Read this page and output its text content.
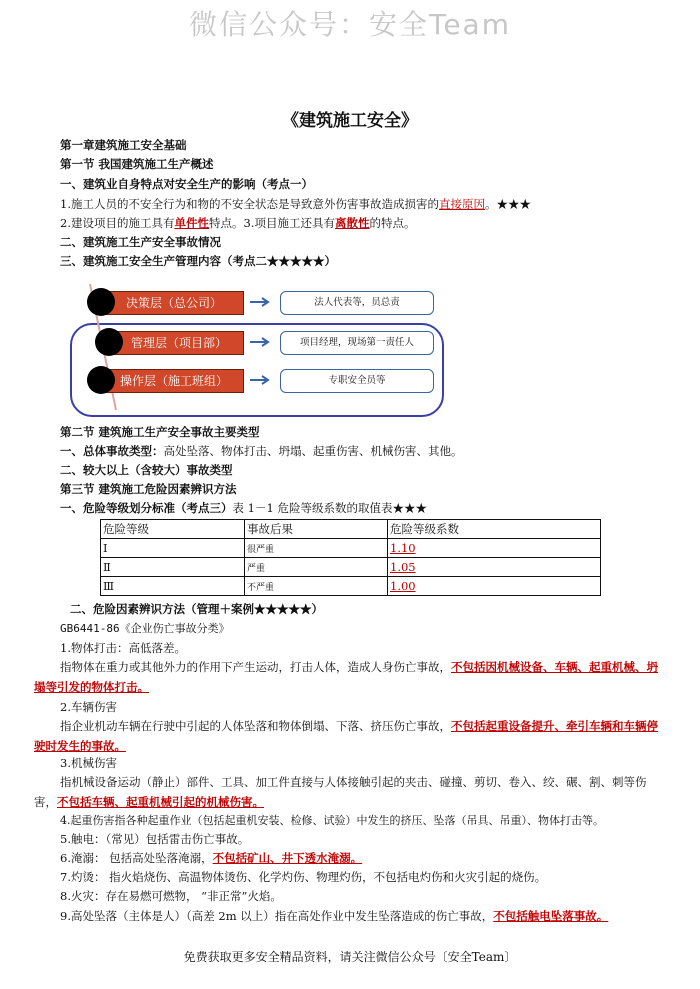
微信公众号：安全Team
《建筑施工安全》
第一章建筑施工安全基础
第一节 我国建筑施工生产概述
一、建筑业自身特点对安全生产的影响（考点一）
1.施工人员的不安全行为和物的不安全状态是导致意外伤害事故造成损害的直接原因。★★★
2.建设项目的施工具有单件性特点。3.项目施工还具有离散性的特点。
二、建筑施工生产安全事故情况
三、建筑施工安全生产管理内容（考点二★★★★★）
决策层（总公司）	法人代表等，员总责
管理层（项目部）	项目经理，现场第一责任人
操作层（施工班组）	专职安全员等
第二节 建筑施工生产安全事故主要类型
一、总体事故类型：高处坠落、物体打击、坍塌、起重伤害、机械伤害、其他。
二、较大以上（含较大）事故类型
第三节 建筑施工危险因素辨识方法
一、危险等级划分标准（考点三）表 1－1 危险等级系数的取值表★★★
危险等级	事故后果	危险等级系数
Ⅰ	很严重	1.10
Ⅱ	严重	1.05
Ⅲ	不严重	1.00
二、危险因素辨识方法（管理＋案例★★★★★）
GB6441-86《企业伤亡事故分类》
1.物体打击：高低落差。
指物体在重力或其他外力的作用下产生运动，打击人体，造成人身伤亡事故，不包括因机械设备、车辆、起重机械、坍塌等引发的物体打击。
2.车辆伤害
指企业机动车辆在行驶中引起的人体坠落和物体倒塌、下落、挤压伤亡事故，不包括起重设备提升、牵引车辆和车辆停驶时发生的事故。
3.机械伤害
指机械设备运动（静止）部件、工具、加工件直接与人体接触引起的夹击、碰撞、剪切、卷入、绞、碾、割、刺等伤害，不包括车辆、起重机械引起的机械伤害。
4.起重伤害指各种起重作业（包括起重机安装、检修、试验）中发生的挤压、坠落（吊具、吊重）、物体打击等。
5.触电：（常见）包括雷击伤亡事故。
6.淹溺： 包括高处坠落淹溺，不包括矿山、井下透水淹溺。
7.灼烫： 指火焰烧伤、高温物体烫伤、化学灼伤、物理灼伤，不包括电灼伤和火灾引起的烧伤。
8.火灾：存在易燃可燃物， “非正常”火焰。
9.高处坠落（主体是人）（高差 2m 以上）指在高处作业中发生坠落造成的伤亡事故，不包括触电坠落事故。
免费获取更多安全精品资料，请关注微信公众号〔安全Team〕
